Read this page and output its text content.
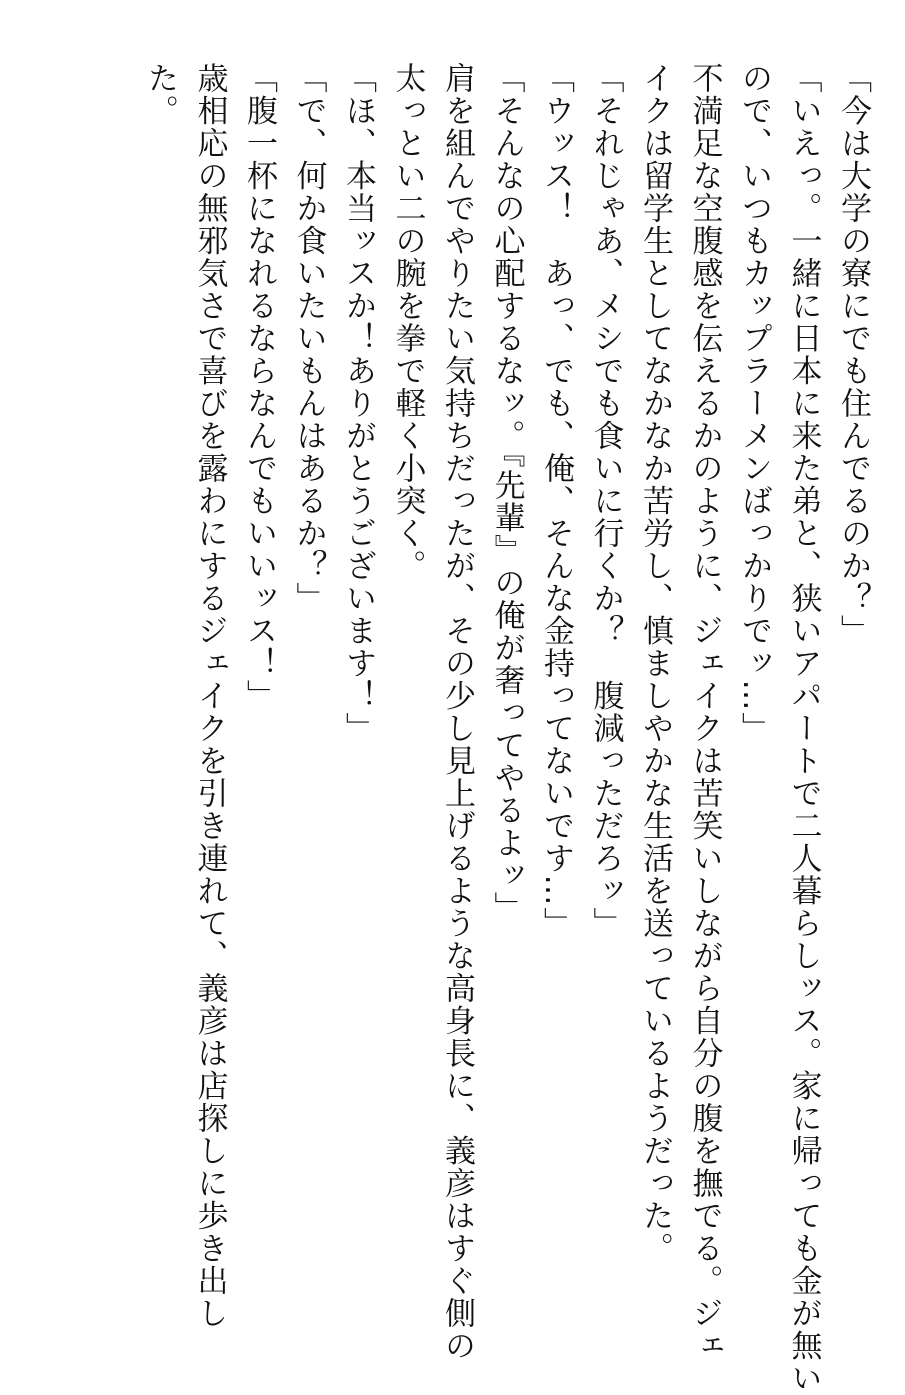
「今は大学の寮にでも住んでるのか？」
「いえっ。一緒に日本に来た弟と、狭いアパートで二人暮らしッス。家に帰っても金が無い
ので、いつもカップラーメンばっかりでッ…」
不満足な空腹感を伝えるかのように、ジェイクは苦笑いしながら自分の腹を撫でる。ジェ
イクは留学生としてなかなか苦労し、慎ましやかな生活を送っているようだった。
「それじゃあ、メシでも食いに行くか？　腹減っただろッ」
「ウッス！　あっ、でも、俺、そんな金持ってないです…」
「そんなの心配するなッ。『先輩』の俺が奢ってやるよッ」
肩を組んでやりたい気持ちだったが、その少し見上げるような高身長に、義彦はすぐ側の
太っとい二の腕を拳で軽く小突く。
「ほ、本当ッスか！ありがとうございます！」
「で、何か食いたいもんはあるか？」
「腹一杯になれるならなんでもいいッス！」
歳相応の無邪気さで喜びを露わにするジェイクを引き連れて、義彦は店探しに歩き出し
た。
